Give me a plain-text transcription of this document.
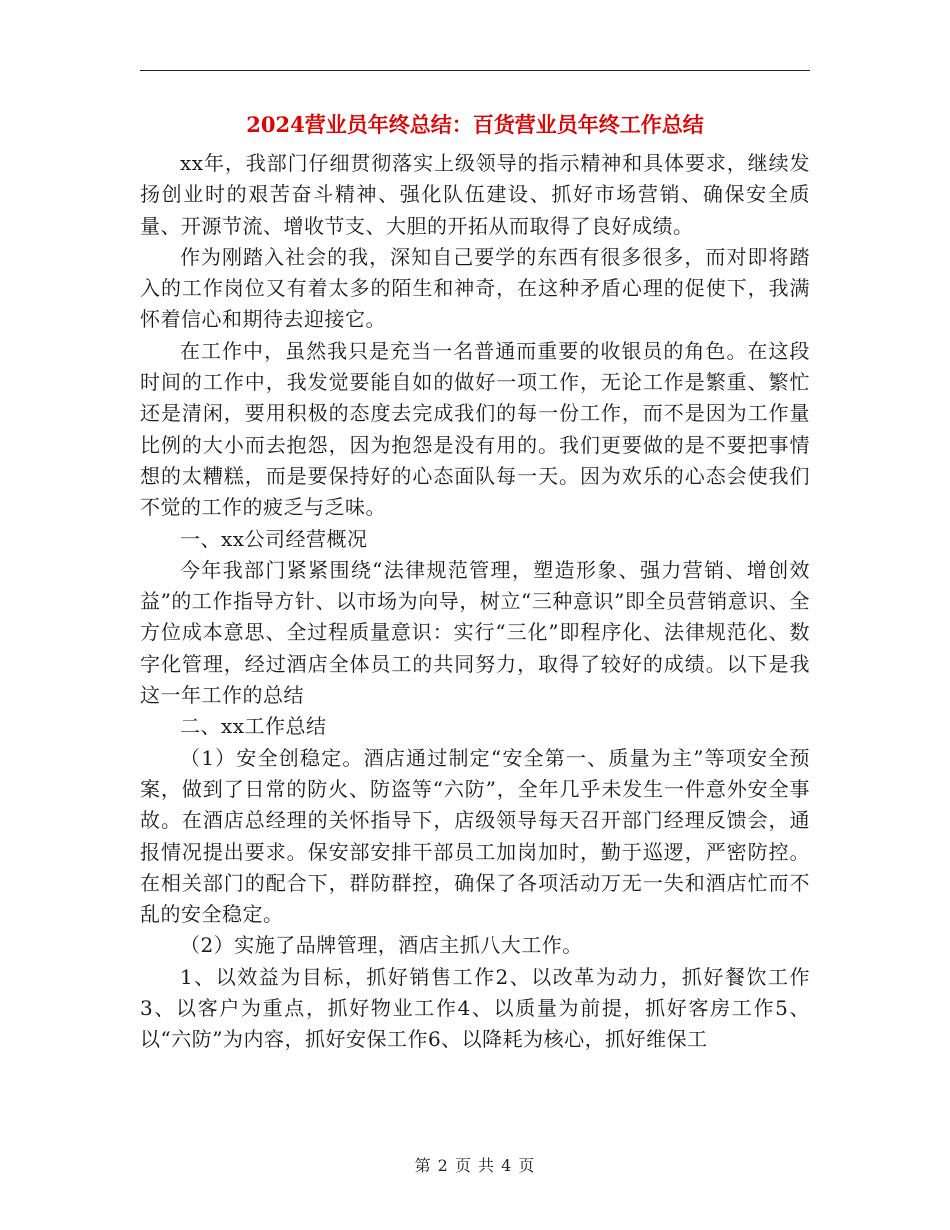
2024营业员年终总结：百货营业员年终工作总结

xx年，我部门仔细贯彻落实上级领导的指示精神和具体要求，继续发扬创业时的艰苦奋斗精神、强化队伍建设、抓好市场营销、确保安全质量、开源节流、增收节支、大胆的开拓从而取得了良好成绩。

作为刚踏入社会的我，深知自己要学的东西有很多很多，而对即将踏入的工作岗位又有着太多的陌生和神奇，在这种矛盾心理的促使下，我满怀着信心和期待去迎接它。

在工作中，虽然我只是充当一名普通而重要的收银员的角色。在这段时间的工作中，我发觉要能自如的做好一项工作，无论工作是繁重、繁忙还是清闲，要用积极的态度去完成我们的每一份工作，而不是因为工作量比例的大小而去抱怨，因为抱怨是没有用的。我们更要做的是不要把事情想的太糟糕，而是要保持好的心态面队每一天。因为欢乐的心态会使我们不觉的工作的疲乏与乏味。

一、xx公司经营概况

今年我部门紧紧围绕“法律规范管理，塑造形象、强力营销、增创效益”的工作指导方针、以市场为向导，树立“三种意识”即全员营销意识、全方位成本意思、全过程质量意识：实行“三化”即程序化、法律规范化、数字化管理，经过酒店全体员工的共同努力，取得了较好的成绩。以下是我这一年工作的总结

二、xx工作总结

（1）安全创稳定。酒店通过制定“安全第一、质量为主”等项安全预案，做到了日常的防火、防盗等“六防”，全年几乎未发生一件意外安全事故。在酒店总经理的关怀指导下，店级领导每天召开部门经理反馈会，通报情况提出要求。保安部安排干部员工加岗加时，勤于巡逻，严密防控。在相关部门的配合下，群防群控，确保了各项活动万无一失和酒店忙而不乱的安全稳定。

（2）实施了品牌管理，酒店主抓八大工作。

1、以效益为目标，抓好销售工作2、以改革为动力，抓好餐饮工作 3、以客户为重点，抓好物业工作4、以质量为前提，抓好客房工作5、以“六防”为内容，抓好安保工作6、以降耗为核心，抓好维保工

第 2 页 共 4 页
